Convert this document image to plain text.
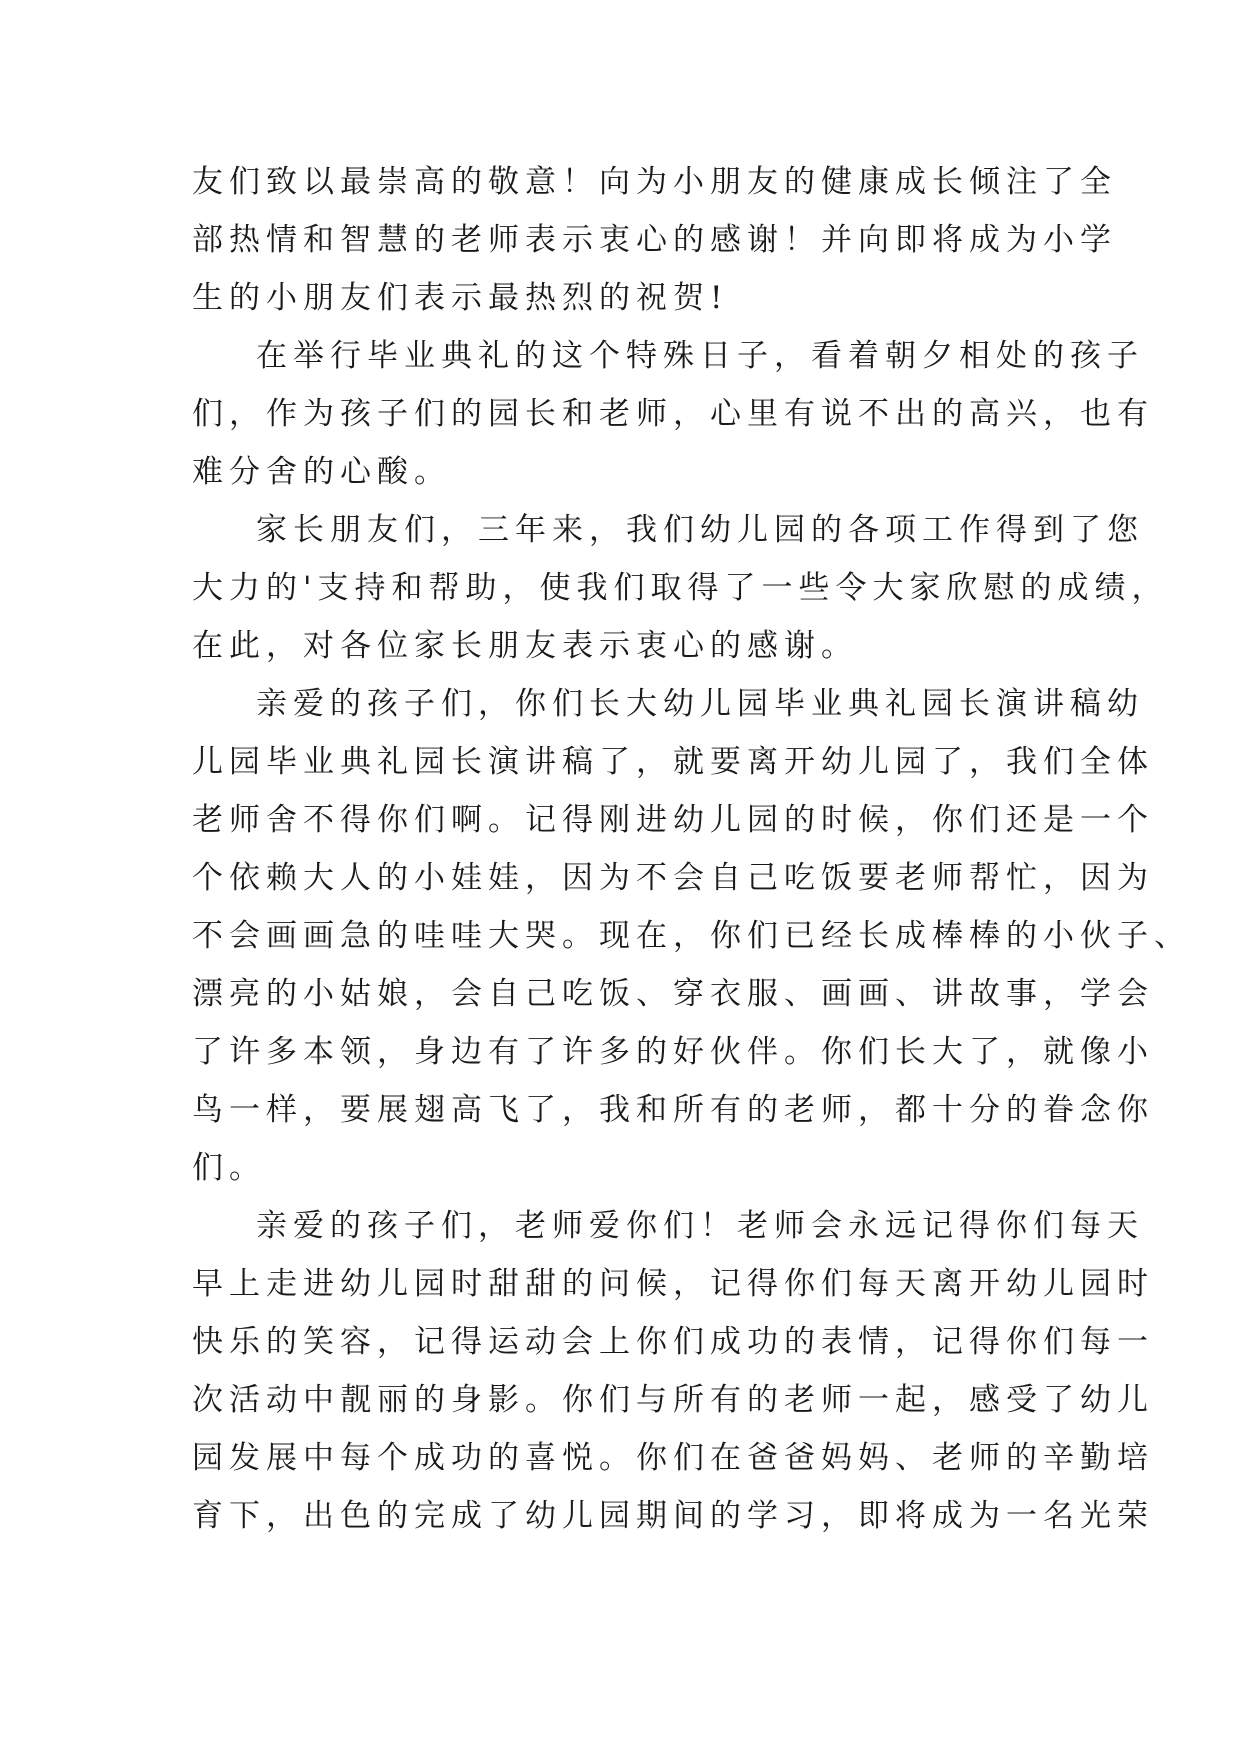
友们致以最崇高的敬意！向为小朋友的健康成长倾注了全
部热情和智慧的老师表示衷心的感谢！并向即将成为小学
生的小朋友们表示最热烈的祝贺!

在举行毕业典礼的这个特殊日子，看着朝夕相处的孩子
们，作为孩子们的园长和老师，心里有说不出的高兴，也有
难分舍的心酸。

家长朋友们，三年来，我们幼儿园的各项工作得到了您
大力的'支持和帮助，使我们取得了一些令大家欣慰的成绩，
在此，对各位家长朋友表示衷心的感谢。

亲爱的孩子们，你们长大幼儿园毕业典礼园长演讲稿幼
儿园毕业典礼园长演讲稿了，就要离开幼儿园了，我们全体
老师舍不得你们啊。记得刚进幼儿园的时候，你们还是一个
个依赖大人的小娃娃，因为不会自己吃饭要老师帮忙，因为
不会画画急的哇哇大哭。现在，你们已经长成棒棒的小伙子、
漂亮的小姑娘，会自己吃饭、穿衣服、画画、讲故事，学会
了许多本领，身边有了许多的好伙伴。你们长大了，就像小
鸟一样，要展翅高飞了，我和所有的老师，都十分的眷念你
们。

亲爱的孩子们，老师爱你们！老师会永远记得你们每天
早上走进幼儿园时甜甜的问候，记得你们每天离开幼儿园时
快乐的笑容，记得运动会上你们成功的表情，记得你们每一
次活动中靓丽的身影。你们与所有的老师一起，感受了幼儿
园发展中每个成功的喜悦。你们在爸爸妈妈、老师的辛勤培
育下，出色的完成了幼儿园期间的学习，即将成为一名光荣
